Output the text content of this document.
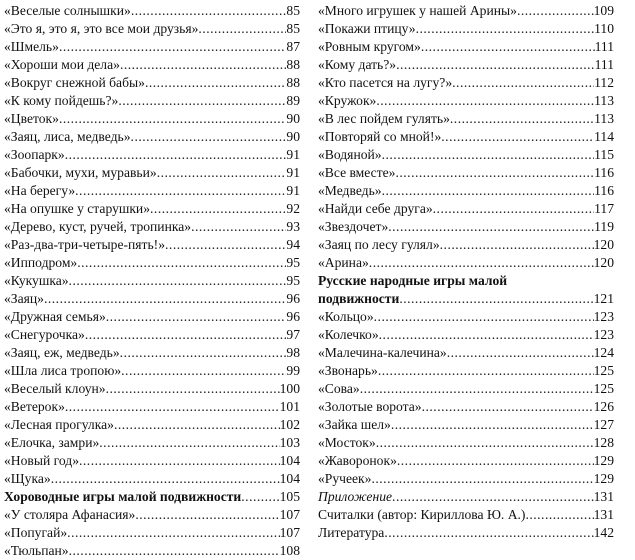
«Веселые солнышки» .....	85
«Это я, это я, это все мои друзья» .....	85
«Шмель» .....	87
«Хороши мои дела» .....	88
«Вокруг снежной бабы» .....	88
«К кому пойдешь?» .....	89
«Цветок» .....	90
«Заяц, лиса, медведь» .....	90
«Зоопарк» .....	91
«Бабочки, мухи, муравьи» .....	91
«На берегу» .....	91
«На опушке у старушки» .....	92
«Дерево, куст, ручей, тропинка» .....	93
«Раз-два-три-четыре-пять!» .....	94
«Ипподром» .....	95
«Кукушка» .....	95
«Заяц» .....	96
«Дружная семья» .....	96
«Снегурочка» .....	97
«Заяц, еж, медведь» .....	98
«Шла лиса тропою» .....	99
«Веселый клоун» .....	100
«Ветерок» .....	101
«Лесная прогулка» .....	102
«Елочка, замри» .....	103
«Новый год» .....	104
«Щука» .....	104
Хороводные игры малой подвижности .....	105
«У столяра Афанасия» .....	107
«Попугай» .....	107
«Тюльпан» .....	108
«Много игрушек у нашей Арины» .....	109
«Покажи птицу» .....	110
«Ровным кругом» .....	111
«Кому дать?» .....	111
«Кто пасется на лугу?» .....	112
«Кружок» .....	113
«В лес пойдем гулять» .....	113
«Повторяй со мной!» .....	114
«Водяной» .....	115
«Все вместе» .....	116
«Медведь» .....	116
«Найди себе друга» .....	117
«Звездочет» .....	119
«Заяц по лесу гулял» .....	120
«Арина» .....	120
Русские народные игры малой
подвижности .....	121
«Кольцо» .....	123
«Колечко» .....	123
«Малечина-калечина» .....	124
«Звонарь» .....	125
«Сова» .....	125
«Золотые ворота» .....	126
«Зайка шел» .....	127
«Мосток» .....	128
«Жаворонок» .....	129
«Ручеек» .....	129
Приложение .....	131
Считалки (автор: Кириллова Ю. А.) .....	131
Литература .....	142
